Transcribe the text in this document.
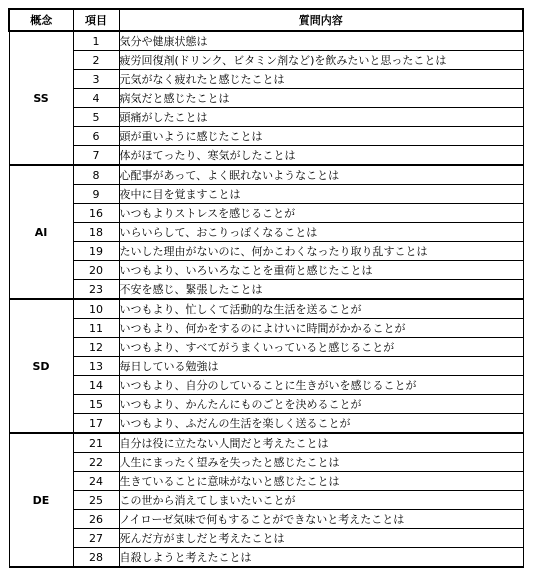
概念	項目	質問内容
SS	1	気分や健康状態は
	2	疲労回復剤(ドリンク、ビタミン剤など)を飲みたいと思ったことは
	3	元気がなく疲れたと感じたことは
	4	病気だと感じたことは
	5	頭痛がしたことは
	6	頭が重いように感じたことは
	7	体がほてったり、寒気がしたことは
AI	8	心配事があって、よく眠れないようなことは
	9	夜中に目を覚ますことは
	16	いつもよりストレスを感じることが
	18	いらいらして、おこりっぽくなることは
	19	たいした理由がないのに、何かこわくなったり取り乱すことは
	20	いつもより、いろいろなことを重荷と感じたことは
	23	不安を感じ、緊張したことは
SD	10	いつもより、忙しくて活動的な生活を送ることが
	11	いつもより、何かをするのによけいに時間がかかることが
	12	いつもより、すべてがうまくいっていると感じることが
	13	毎日している勉強は
	14	いつもより、自分のしていることに生きがいを感じることが
	15	いつもより、かんたんにものごとを決めることが
	17	いつもより、ふだんの生活を楽しく送ることが
DE	21	自分は役に立たない人間だと考えたことは
	22	人生にまったく望みを失ったと感じたことは
	24	生きていることに意味がないと感じたことは
	25	この世から消えてしまいたいことが
	26	ノイローゼ気味で何もすることができないと考えたことは
	27	死んだ方がましだと考えたことは
	28	自殺しようと考えたことは
